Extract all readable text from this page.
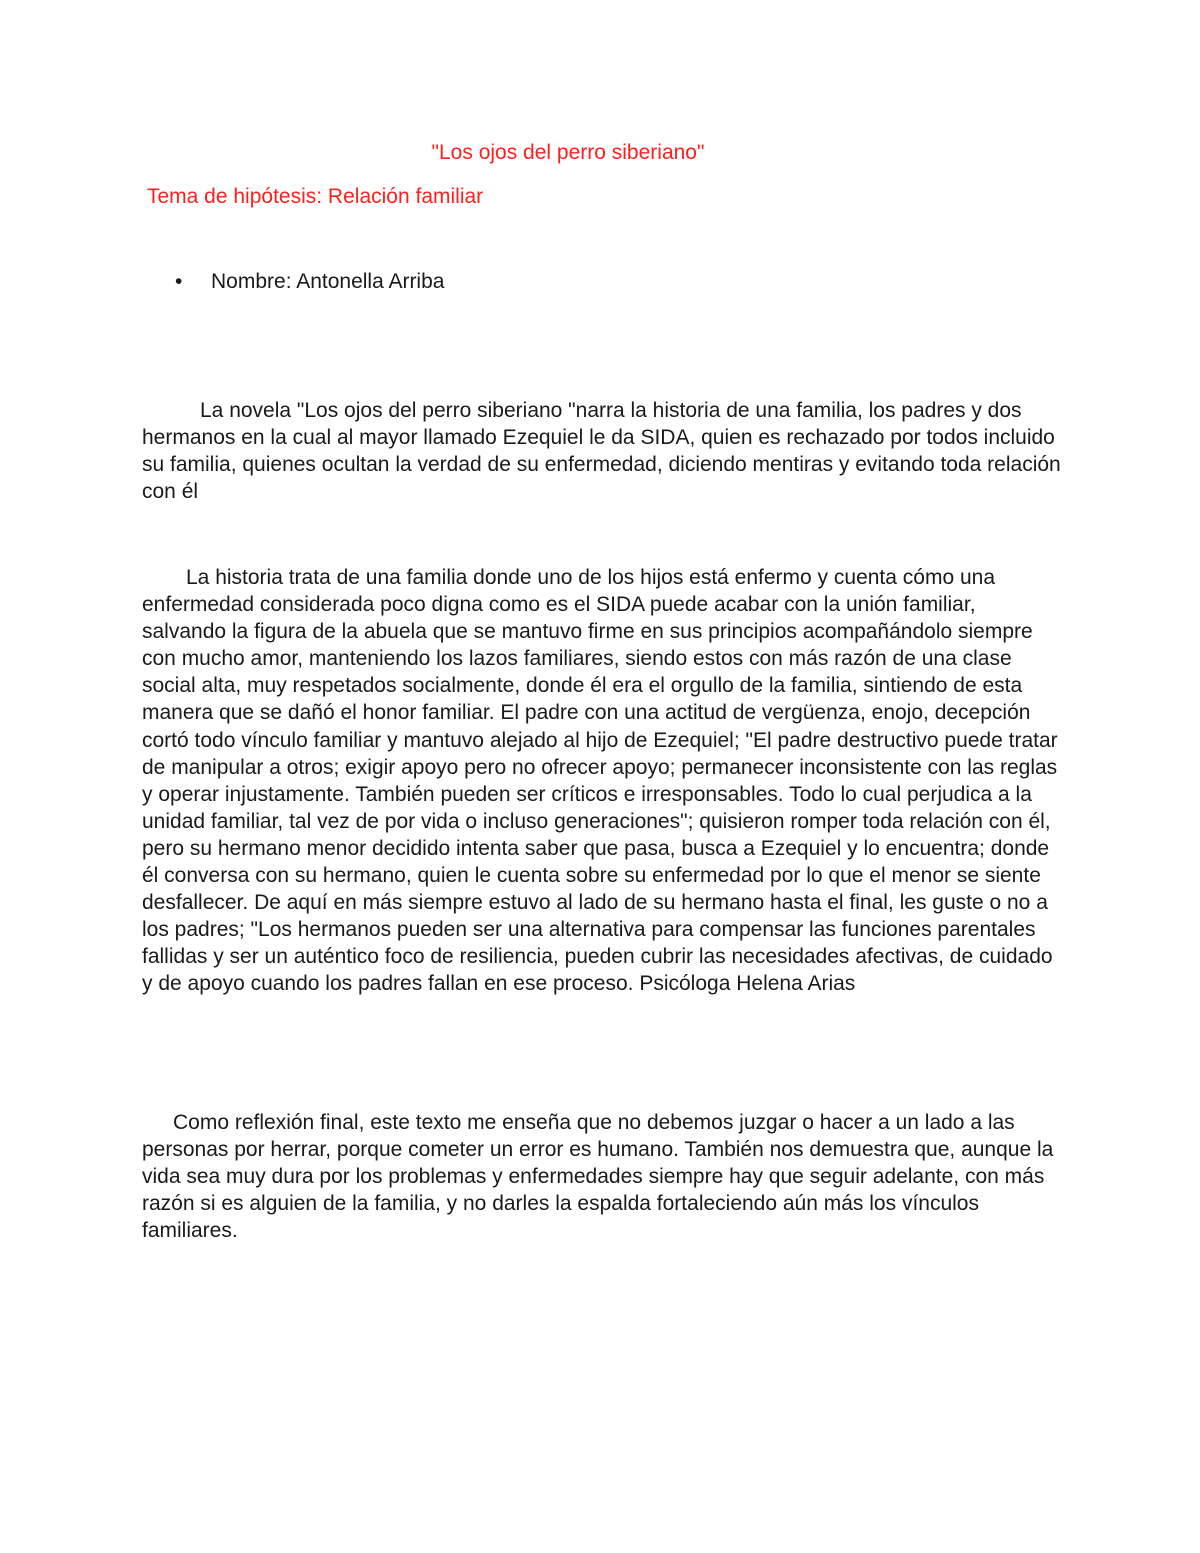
"Los ojos del perro siberiano"
Tema de hipótesis: Relación familiar
• Nombre: Antonella Arriba

La novela "Los ojos del perro siberiano "narra la historia de una familia, los padres y dos hermanos en la cual al mayor llamado Ezequiel le da SIDA, quien es rechazado por todos incluido su familia, quienes ocultan la verdad de su enfermedad, diciendo mentiras y evitando toda relación con él

La historia trata de una familia donde uno de los hijos está enfermo y cuenta cómo una enfermedad considerada poco digna como es el SIDA puede acabar con la unión familiar, salvando la figura de la abuela que se mantuvo firme en sus principios acompañándolo siempre con mucho amor, manteniendo los lazos familiares, siendo estos con más razón de una clase social alta, muy respetados socialmente, donde él era el orgullo de la familia, sintiendo de esta manera que se dañó el honor familiar. El padre con una actitud de vergüenza, enojo, decepción cortó todo vínculo familiar y mantuvo alejado al hijo de Ezequiel; "El padre destructivo puede tratar de manipular a otros; exigir apoyo pero no ofrecer apoyo; permanecer inconsistente con las reglas y operar injustamente. También pueden ser críticos e irresponsables. Todo lo cual perjudica a la unidad familiar, tal vez de por vida o incluso generaciones"; quisieron romper toda relación con él, pero su hermano menor decidido intenta saber que pasa, busca a Ezequiel y lo encuentra; donde él conversa con su hermano, quien le cuenta sobre su enfermedad por lo que el menor se siente desfallecer. De aquí en más siempre estuvo al lado de su hermano hasta el final, les guste o no a los padres; "Los hermanos pueden ser una alternativa para compensar las funciones parentales fallidas y ser un auténtico foco de resiliencia, pueden cubrir las necesidades afectivas, de cuidado y de apoyo cuando los padres fallan en ese proceso. Psicóloga Helena Arias

Como reflexión final, este texto me enseña que no debemos juzgar o hacer a un lado a las personas por herrar, porque cometer un error es humano. También nos demuestra que, aunque la vida sea muy dura por los problemas y enfermedades siempre hay que seguir adelante, con más razón si es alguien de la familia, y no darles la espalda fortaleciendo aún más los vínculos familiares.
